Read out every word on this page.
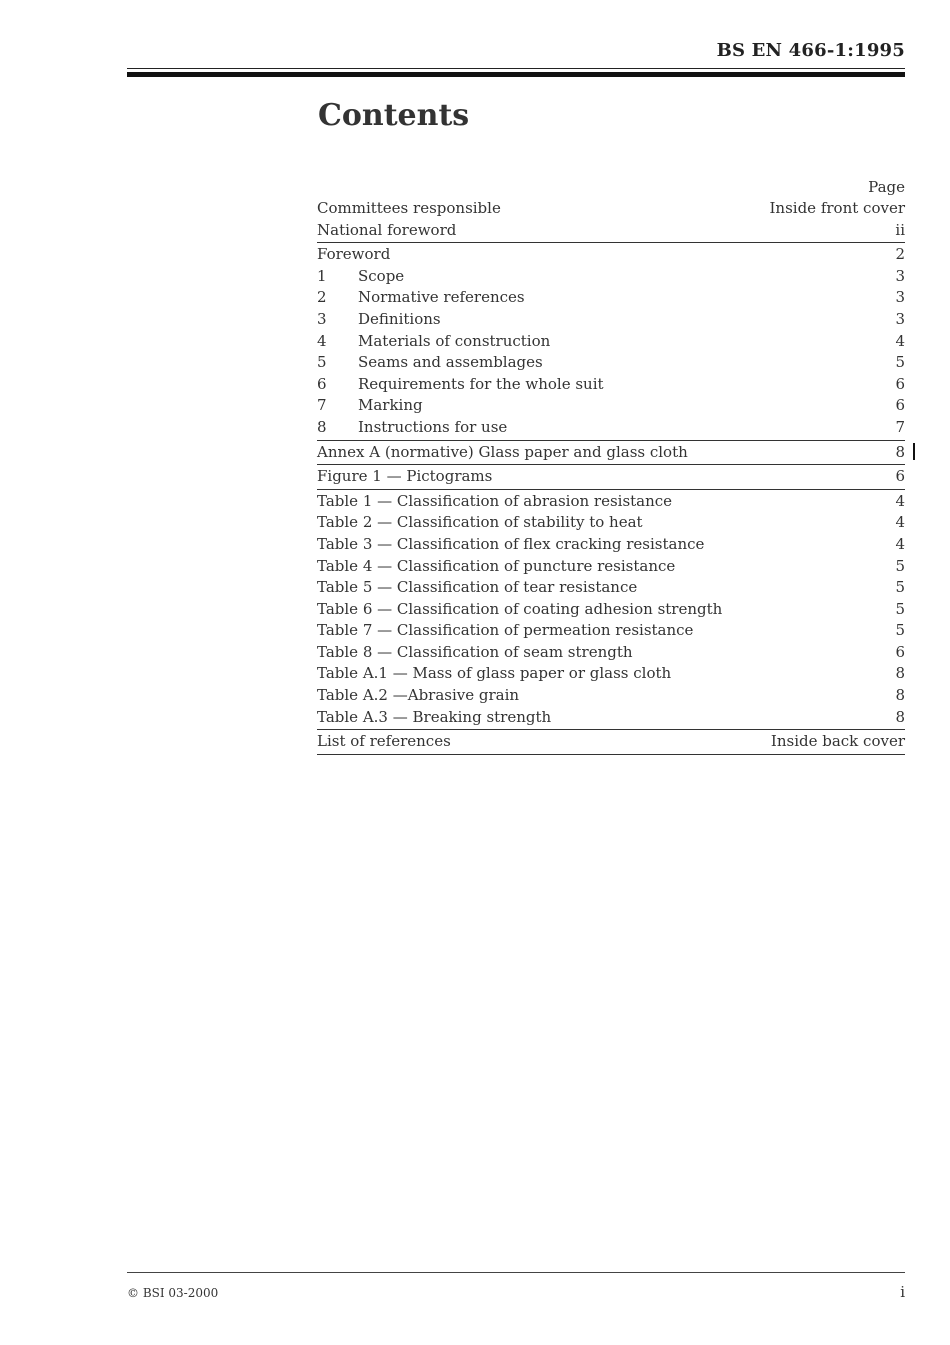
BS EN 466-1:1995
Contents
Page
Committees responsible	Inside front cover
National foreword	ii
Foreword	2
1	Scope	3
2	Normative references	3
3	Definitions	3
4	Materials of construction	4
5	Seams and assemblages	5
6	Requirements for the whole suit	6
7	Marking	6
8	Instructions for use	7
Annex A (normative) Glass paper and glass cloth	8
Figure 1 — Pictograms	6
Table 1 — Classification of abrasion resistance	4
Table 2 — Classification of stability to heat	4
Table 3 — Classification of flex cracking resistance	4
Table 4 — Classification of puncture resistance	5
Table 5 — Classification of tear resistance	5
Table 6 — Classification of coating adhesion strength	5
Table 7 — Classification of permeation resistance	5
Table 8 — Classification of seam strength	6
Table A.1 — Mass of glass paper or glass cloth	8
Table A.2 —Abrasive grain	8
Table A.3 — Breaking strength	8
List of references	Inside back cover
© BSI 03-2000	i
